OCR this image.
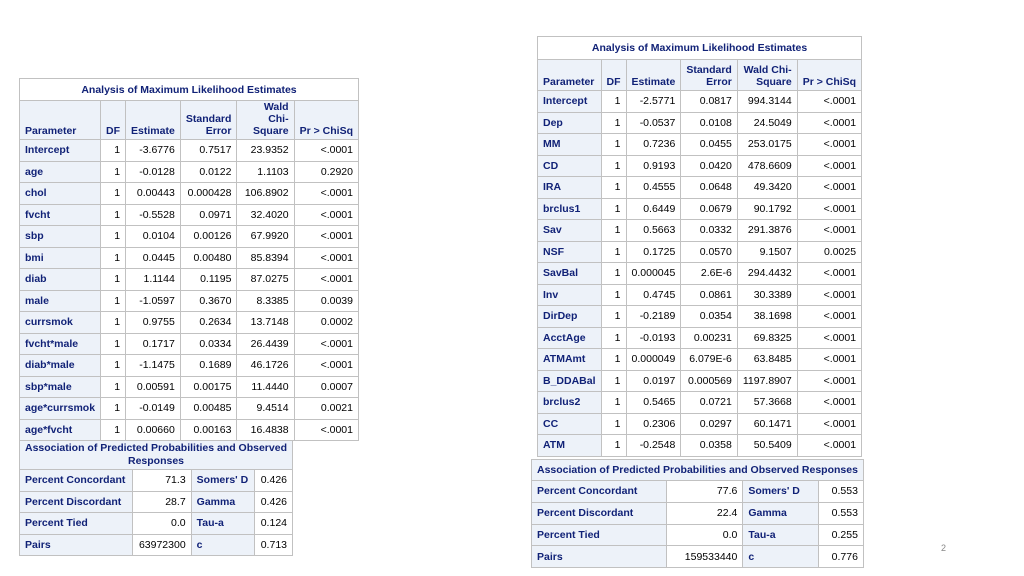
Analysis of Maximum Likelihood Estimates					
Parameter	DF	Estimate	Standard Error	Wald Chi-Square	Pr > ChiSq
Intercept	1	-3.6776	0.7517	23.9352	<.0001
age	1	-0.0128	0.0122	1.1103	0.2920
chol	1	0.00443	0.000428	106.8902	<.0001
fvcht	1	-0.5528	0.0971	32.4020	<.0001
sbp	1	0.0104	0.00126	67.9920	<.0001
bmi	1	0.0445	0.00480	85.8394	<.0001
diab	1	1.1144	0.1195	87.0275	<.0001
male	1	-1.0597	0.3670	8.3385	0.0039
currsmok	1	0.9755	0.2634	13.7148	0.0002
fvcht*male	1	0.1717	0.0334	26.4439	<.0001
diab*male	1	-1.1475	0.1689	46.1726	<.0001
sbp*male	1	0.00591	0.00175	11.4440	0.0007
age*currsmok	1	-0.0149	0.00485	9.4514	0.0021
age*fvcht	1	0.00660	0.00163	16.4838	<.0001
Association of Predicted Probabilities and Observed Responses			
Percent Concordant	71.3	Somers' D	0.426
Percent Discordant	28.7	Gamma	0.426
Percent Tied	0.0	Tau-a	0.124
Pairs	63972300	c	0.713
Analysis of Maximum Likelihood Estimates					
Parameter	DF	Estimate	Standard Error	Wald Chi-Square	Pr > ChiSq
Intercept	1	-2.5771	0.0817	994.3144	<.0001
Dep	1	-0.0537	0.0108	24.5049	<.0001
MM	1	0.7236	0.0455	253.0175	<.0001
CD	1	0.9193	0.0420	478.6609	<.0001
IRA	1	0.4555	0.0648	49.3420	<.0001
brclus1	1	0.6449	0.0679	90.1792	<.0001
Sav	1	0.5663	0.0332	291.3876	<.0001
NSF	1	0.1725	0.0570	9.1507	0.0025
SavBal	1	0.000045	2.6E-6	294.4432	<.0001
Inv	1	0.4745	0.0861	30.3389	<.0001
DirDep	1	-0.2189	0.0354	38.1698	<.0001
AcctAge	1	-0.0193	0.00231	69.8325	<.0001
ATMAmt	1	0.000049	6.079E-6	63.8485	<.0001
B_DDABal	1	0.0197	0.000569	1197.8907	<.0001
brclus2	1	0.5465	0.0721	57.3668	<.0001
CC	1	0.2306	0.0297	60.1471	<.0001
ATM	1	-0.2548	0.0358	50.5409	<.0001
Association of Predicted Probabilities and Observed Responses			
Percent Concordant	77.6	Somers' D	0.553
Percent Discordant	22.4	Gamma	0.553
Percent Tied	0.0	Tau-a	0.255
Pairs	159533440	c	0.776
2
